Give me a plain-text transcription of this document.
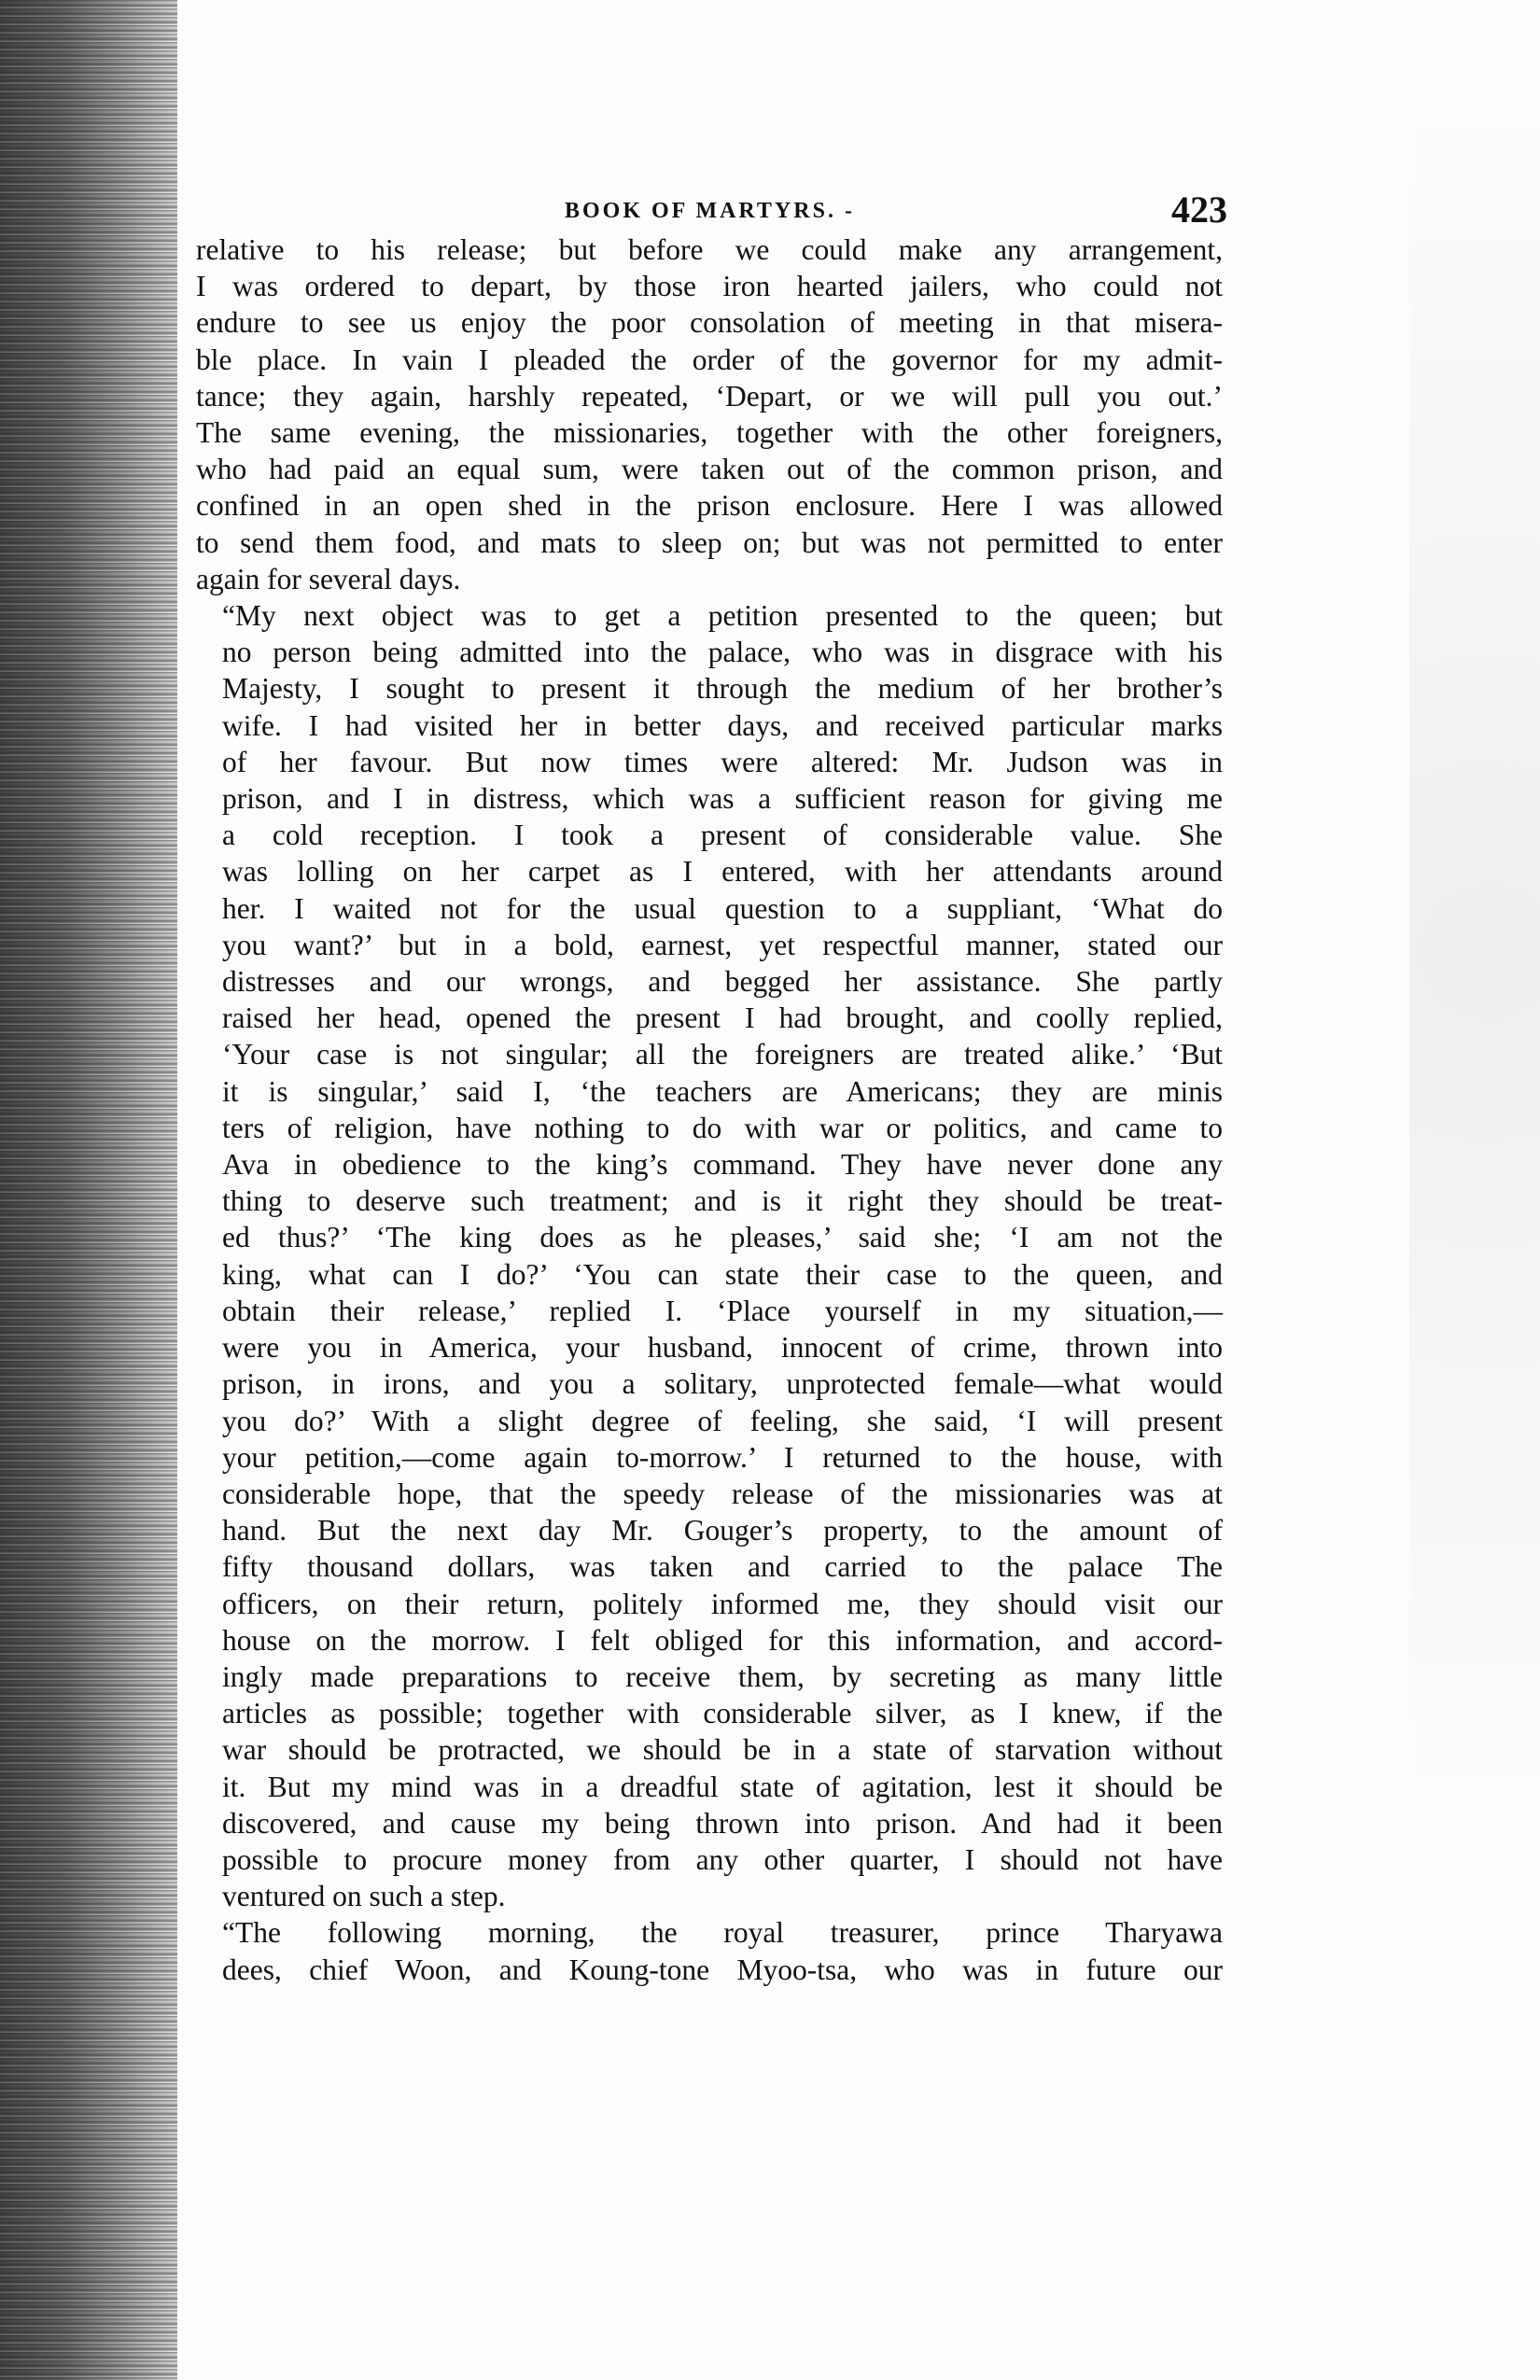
BOOK OF MARTYRS. -	423
relative to his release; but before we could make any arrangement,
I was ordered to depart, by those iron hearted jailers, who could not
endure to see us enjoy the poor consolation of meeting in that misera-
ble place. In vain I pleaded the order of the governor for my admit-
tance; they again, harshly repeated, ‘Depart, or we will pull you out.’
The same evening, the missionaries, together with the other foreigners,
who had paid an equal sum, were taken out of the common prison, and
confined in an open shed in the prison enclosure. Here I was allowed
to send them food, and mats to sleep on; but was not permitted to enter
again for several days.
“My next object was to get a petition presented to the queen; but
no person being admitted into the palace, who was in disgrace with his
Majesty, I sought to present it through the medium of her brother’s
wife. I had visited her in better days, and received particular marks
of her favour. But now times were altered: Mr. Judson was in
prison, and I in distress, which was a sufficient reason for giving me
a cold reception. I took a present of considerable value. She
was lolling on her carpet as I entered, with her attendants around
her. I waited not for the usual question to a suppliant, ‘What do
you want?’ but in a bold, earnest, yet respectful manner, stated our
distresses and our wrongs, and begged her assistance. She partly
raised her head, opened the present I had brought, and coolly replied,
‘Your case is not singular; all the foreigners are treated alike.’ ‘But
it is singular,’ said I, ‘the teachers are Americans; they are minis
ters of religion, have nothing to do with war or politics, and came to
Ava in obedience to the king’s command. They have never done any
thing to deserve such treatment; and is it right they should be treat-
ed thus?’ ‘The king does as he pleases,’ said she; ‘I am not the
king, what can I do?’ ‘You can state their case to the queen, and
obtain their release,’ replied I. ‘Place yourself in my situation,—
were you in America, your husband, innocent of crime, thrown into
prison, in irons, and you a solitary, unprotected female—what would
you do?’ With a slight degree of feeling, she said, ‘I will present
your petition,—come again to-morrow.’ I returned to the house, with
considerable hope, that the speedy release of the missionaries was at
hand. But the next day Mr. Gouger’s property, to the amount of
fifty thousand dollars, was taken and carried to the palace The
officers, on their return, politely informed me, they should visit our
house on the morrow. I felt obliged for this information, and accord-
ingly made preparations to receive them, by secreting as many little
articles as possible; together with considerable silver, as I knew, if the
war should be protracted, we should be in a state of starvation without
it. But my mind was in a dreadful state of agitation, lest it should be
discovered, and cause my being thrown into prison. And had it been
possible to procure money from any other quarter, I should not have
ventured on such a step.
“The following morning, the royal treasurer, prince Tharyawa
dees, chief Woon, and Koung-tone Myoo-tsa, who was in future our
